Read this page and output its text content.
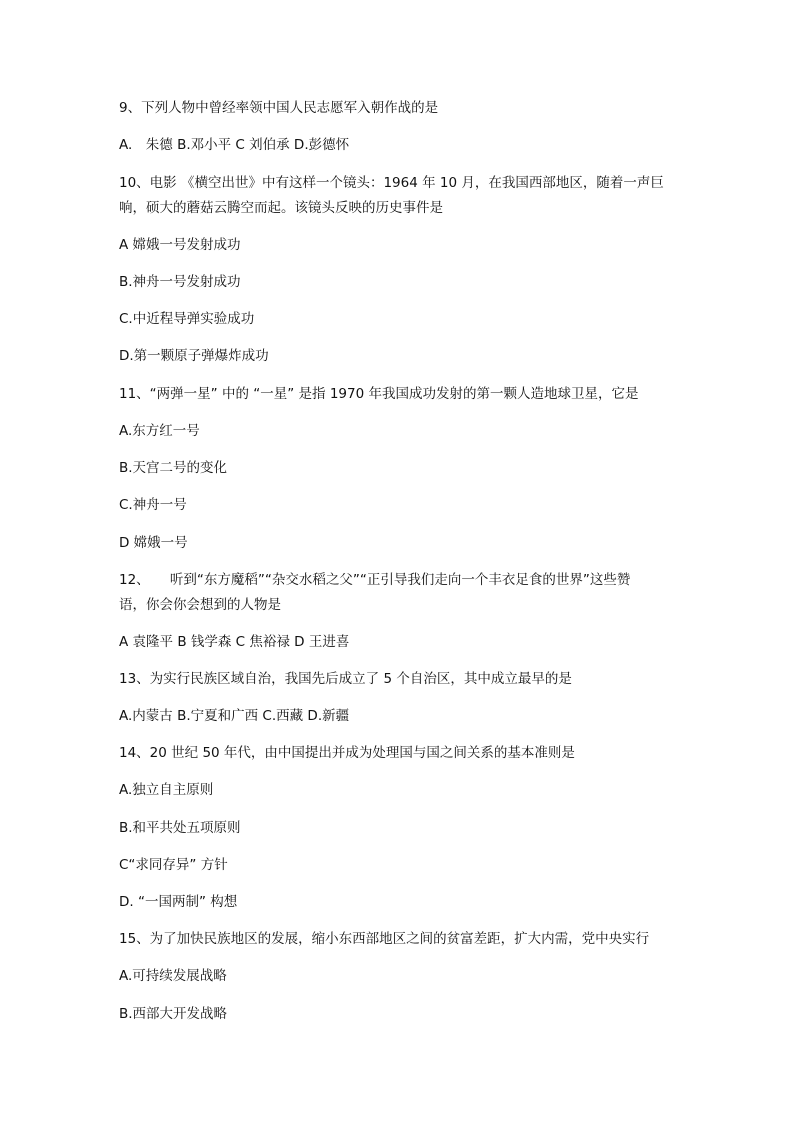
9、下列人物中曾经率领中国人民志愿军入朝作战的是
A.　朱德 B.邓小平 C 刘伯承 D.彭德怀
10、电影 《横空出世》中有这样一个镜头：1964 年 10 月，在我国西部地区，随着一声巨
响，硕大的蘑菇云腾空而起。该镜头反映的历史事件是
A 嫦娥一号发射成功
B.神舟一号发射成功
C.中近程导弹实验成功
D.第一颗原子弹爆炸成功
11、“两弹一星” 中的 “一星” 是指 1970 年我国成功发射的第一颗人造地球卫星，它是
A.东方红一号
B.天宫二号的变化
C.神舟一号
D 嫦娥一号
12、　　听到“东方魔稻”“杂交水稻之父”“正引导我们走向一个丰衣足食的世界”这些赞
语，你会你会想到的人物是
A 袁隆平 B 钱学森 C 焦裕禄 D 王进喜
13、为实行民族区域自治，我国先后成立了 5 个自治区，其中成立最早的是
A.内蒙古 B.宁夏和广西 C.西藏 D.新疆
14、20 世纪 50 年代，由中国提出并成为处理国与国之间关系的基本准则是
A.独立自主原则
B.和平共处五项原则
C“求同存异” 方针
D. “一国两制” 构想
15、为了加快民族地区的发展，缩小东西部地区之间的贫富差距，扩大内需，党中央实行
A.可持续发展战略
B.西部大开发战略
